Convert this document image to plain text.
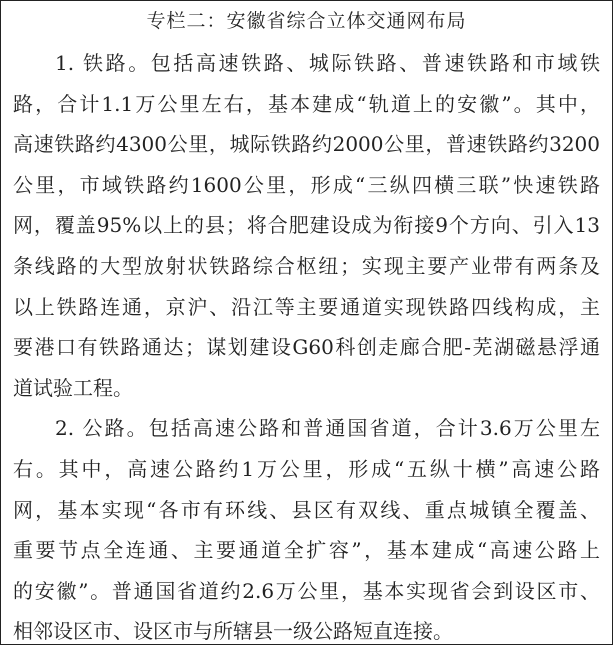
专栏二：安徽省综合立体交通网布局
1. 铁路。包括高速铁路、城际铁路、普速铁路和市域铁
路，合计1.1万公里左右，基本建成“轨道上的安徽”。其中，
高速铁路约4300公里，城际铁路约2000公里，普速铁路约3200
公里，市域铁路约1600公里，形成“三纵四横三联”快速铁路
网，覆盖95%以上的县；将合肥建设成为衔接9个方向、引入13
条线路的大型放射状铁路综合枢纽；实现主要产业带有两条及
以上铁路连通，京沪、沿江等主要通道实现铁路四线构成，主
要港口有铁路通达；谋划建设G60科创走廊合肥-芜湖磁悬浮通
道试验工程。
2. 公路。包括高速公路和普通国省道，合计3.6万公里左
右。其中，高速公路约1万公里，形成“五纵十横”高速公路
网，基本实现“各市有环线、县区有双线、重点城镇全覆盖、
重要节点全连通、主要通道全扩容”，基本建成“高速公路上
的安徽”。普通国省道约2.6万公里，基本实现省会到设区市、
相邻设区市、设区市与所辖县一级公路短直连接。
